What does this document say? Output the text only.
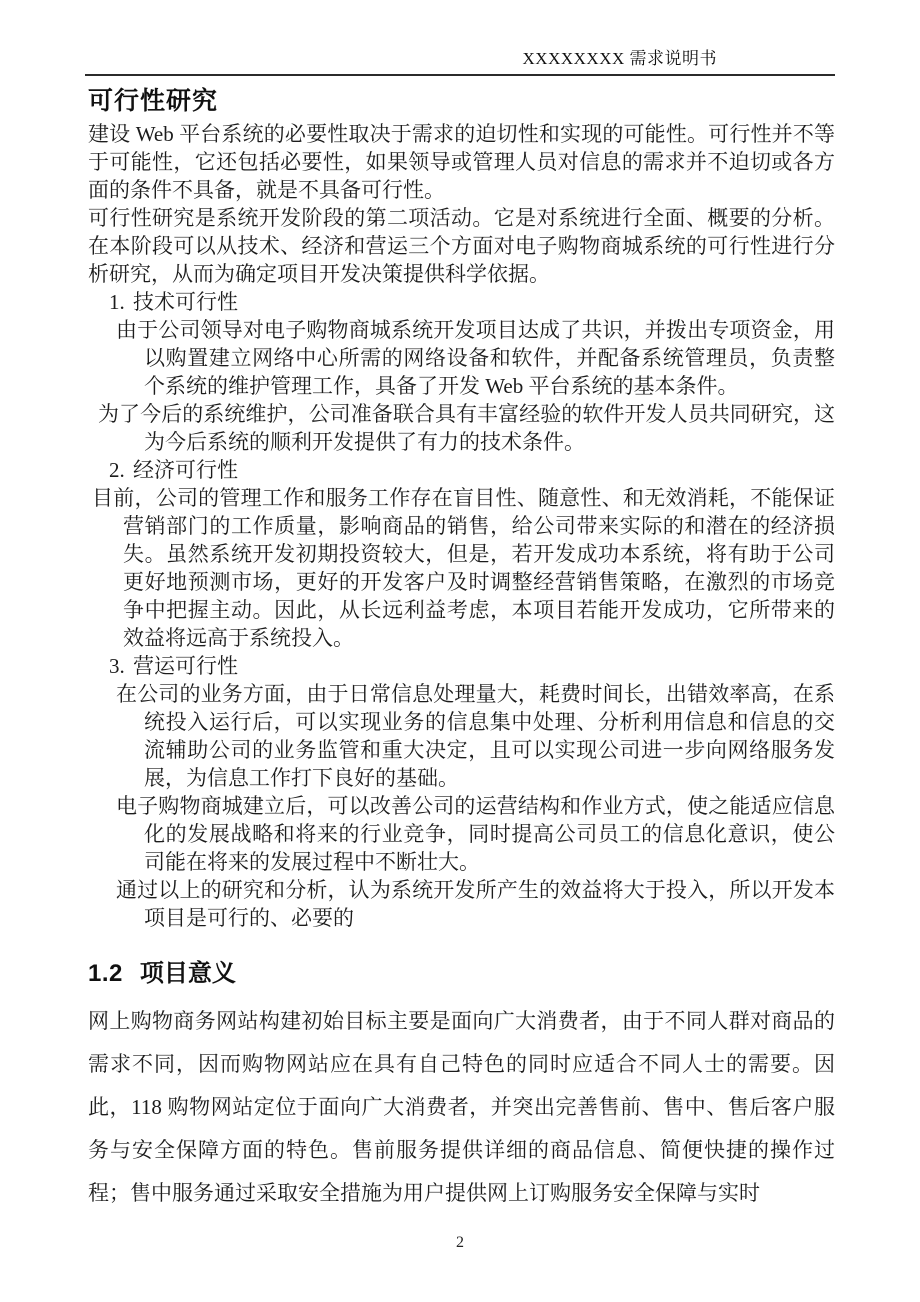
XXXXXXXX 需求说明书
可行性研究

建设 Web 平台系统的必要性取决于需求的迫切性和实现的可能性。可行性并不等于可能性，它还包括必要性，如果领导或管理人员对信息的需求并不迫切或各方面的条件不具备，就是不具备可行性。

可行性研究是系统开发阶段的第二项活动。它是对系统进行全面、概要的分析。在本阶段可以从技术、经济和营运三个方面对电子购物商城系统的可行性进行分析研究，从而为确定项目开发决策提供科学依据。

1. 技术可行性

由于公司领导对电子购物商城系统开发项目达成了共识，并拨出专项资金，用以购置建立网络中心所需的网络设备和软件，并配备系统管理员，负责整个系统的维护管理工作，具备了开发 Web 平台系统的基本条件。

为了今后的系统维护，公司准备联合具有丰富经验的软件开发人员共同研究，这为今后系统的顺利开发提供了有力的技术条件。

2. 经济可行性

目前，公司的管理工作和服务工作存在盲目性、随意性、和无效消耗，不能保证营销部门的工作质量，影响商品的销售，给公司带来实际的和潜在的经济损失。虽然系统开发初期投资较大，但是，若开发成功本系统，将有助于公司更好地预测市场，更好的开发客户及时调整经营销售策略，在激烈的市场竞争中把握主动。因此，从长远利益考虑，本项目若能开发成功，它所带来的效益将远高于系统投入。

3. 营运可行性

在公司的业务方面，由于日常信息处理量大，耗费时间长，出错效率高，在系统投入运行后，可以实现业务的信息集中处理、分析利用信息和信息的交流辅助公司的业务监管和重大决定，且可以实现公司进一步向网络服务发展，为信息工作打下良好的基础。

电子购物商城建立后，可以改善公司的运营结构和作业方式，使之能适应信息化的发展战略和将来的行业竞争，同时提高公司员工的信息化意识，使公司能在将来的发展过程中不断壮大。

通过以上的研究和分析，认为系统开发所产生的效益将大于投入，所以开发本项目是可行的、必要的

1.2 项目意义

网上购物商务网站构建初始目标主要是面向广大消费者，由于不同人群对商品的需求不同，因而购物网站应在具有自己特色的同时应适合不同人士的需要。因此，118 购物网站定位于面向广大消费者，并突出完善售前、售中、售后客户服务与安全保障方面的特色。售前服务提供详细的商品信息、简便快捷的操作过程；售中服务通过采取安全措施为用户提供网上订购服务安全保障与实时

2
